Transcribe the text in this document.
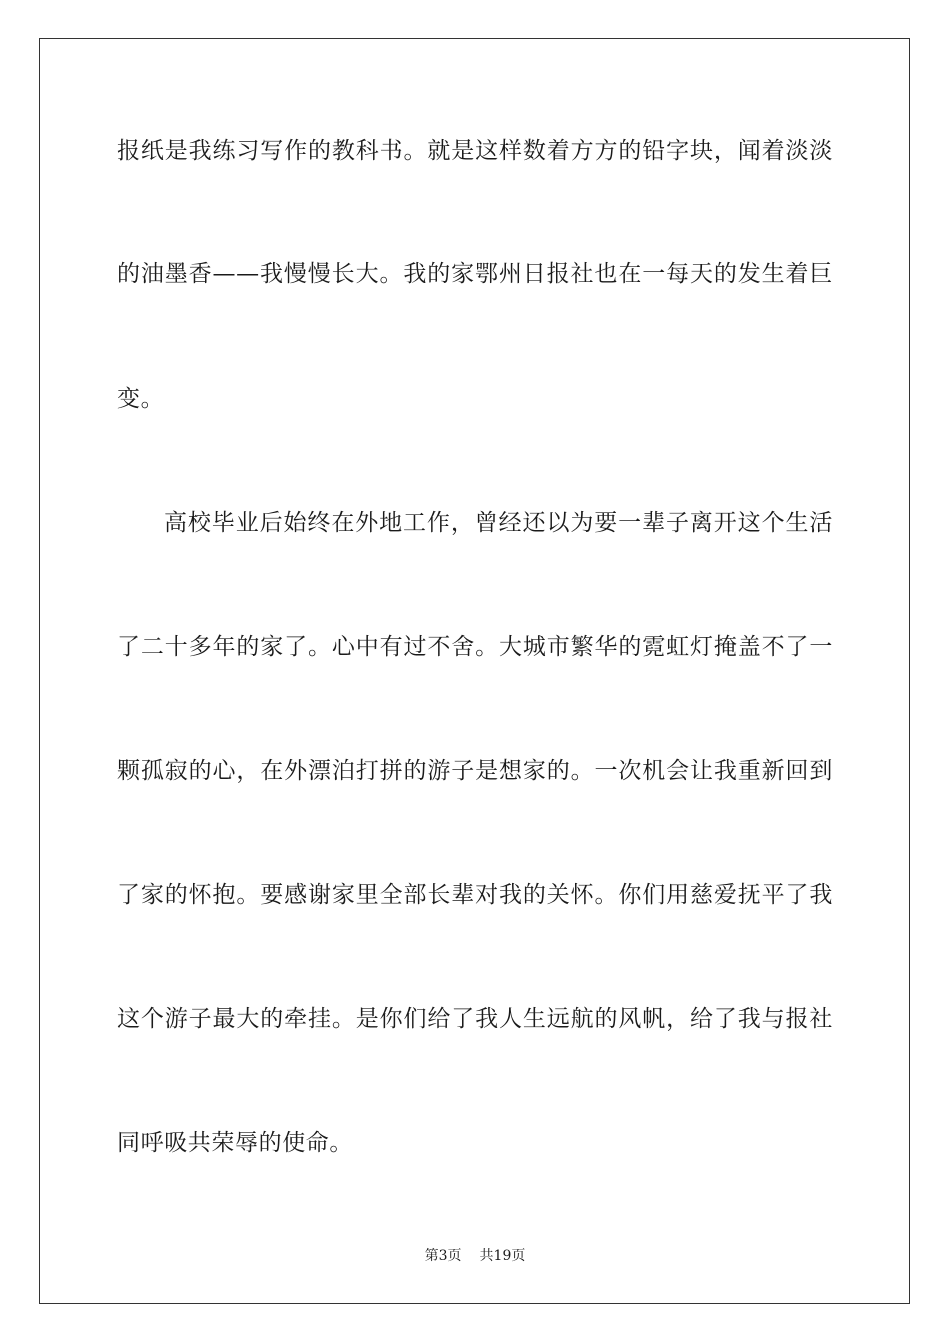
报纸是我练习写作的教科书。就是这样数着方方的铅字块，闻着淡淡
的油墨香——我慢慢长大。我的家鄂州日报社也在一每天的发生着巨
变。
高校毕业后始终在外地工作，曾经还以为要一辈子离开这个生活
了二十多年的家了。心中有过不舍。大城市繁华的霓虹灯掩盖不了一
颗孤寂的心，在外漂泊打拼的游子是想家的。一次机会让我重新回到
了家的怀抱。要感谢家里全部长辈对我的关怀。你们用慈爱抚平了我
这个游子最大的牵挂。是你们给了我人生远航的风帆，给了我与报社
同呼吸共荣辱的使命。
第3页 共19页
